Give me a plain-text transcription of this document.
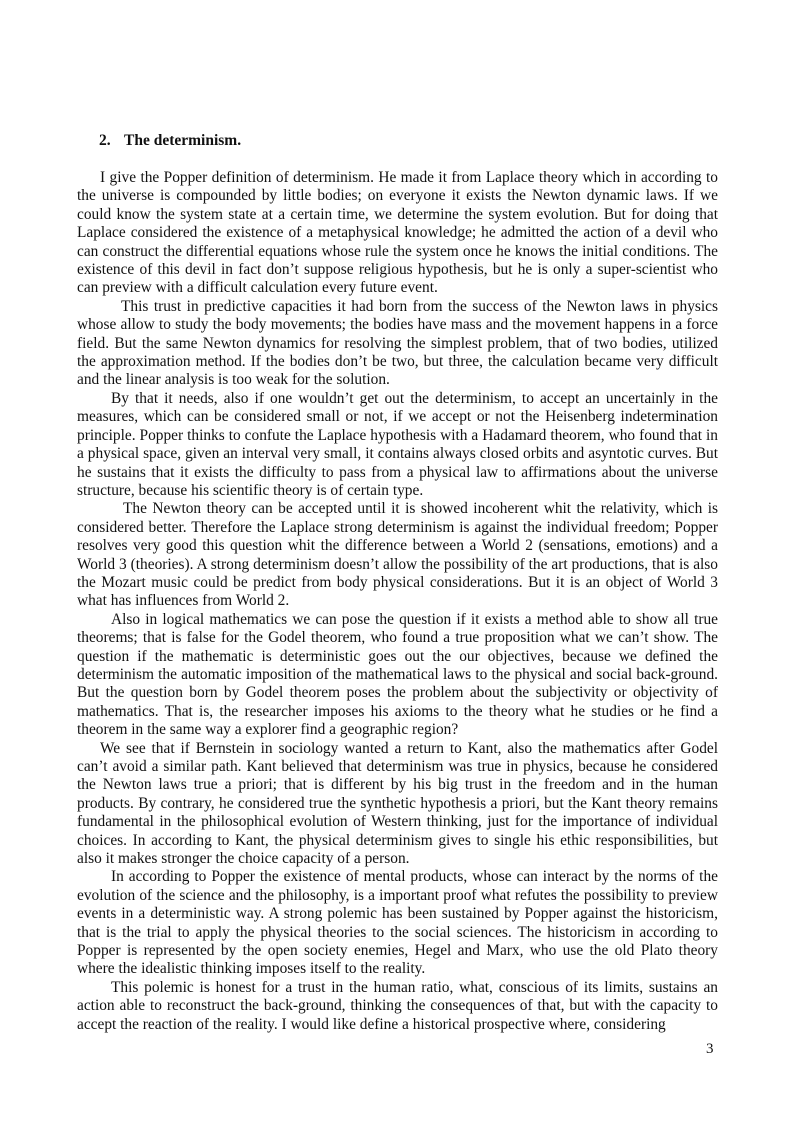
2. The determinism.

I give the Popper definition of determinism. He made it from Laplace theory which in according to the universe is compounded by little bodies; on everyone it exists the Newton dynamic laws. If we could know the system state at a certain time, we determine the system evolution. But for doing that Laplace considered the existence of a metaphysical knowledge; he admitted the action of a devil who can construct the differential equations whose rule the system once he knows the initial conditions. The existence of this devil in fact don’t suppose religious hypothesis, but he is only a super-scientist who can preview with a difficult calculation every future event.

This trust in predictive capacities it had born from the success of the Newton laws in physics whose allow to study the body movements; the bodies have mass and the movement happens in a force field. But the same Newton dynamics for resolving the simplest problem, that of two bodies, utilized the approximation method. If the bodies don’t be two, but three, the calculation became very difficult and the linear analysis is too weak for the solution.

By that it needs, also if one wouldn’t get out the determinism, to accept an uncertainly in the measures, which can be considered small or not, if we accept or not the Heisenberg indetermination principle. Popper thinks to confute the Laplace hypothesis with a Hadamard theorem, who found that in a physical space, given an interval very small, it contains always closed orbits and asyntotic curves. But he sustains that it exists the difficulty to pass from a physical law to affirmations about the universe structure, because his scientific theory is of certain type.

The Newton theory can be accepted until it is showed incoherent whit the relativity, which is considered better. Therefore the Laplace strong determinism is against the individual freedom; Popper resolves very good this question whit the difference between a World 2 (sensations, emotions) and a World 3 (theories). A strong determinism doesn’t allow the possibility of the art productions, that is also the Mozart music could be predict from body physical considerations. But it is an object of World 3 what has influences from World 2.

Also in logical mathematics we can pose the question if it exists a method able to show all true theorems; that is false for the Godel theorem, who found a true proposition what we can’t show. The question if the mathematic is deterministic goes out the our objectives, because we defined the determinism the automatic imposition of the mathematical laws to the physical and social back-ground. But the question born by Godel theorem poses the problem about the subjectivity or objectivity of mathematics. That is, the researcher imposes his axioms to the theory what he studies or he find a theorem in the same way a explorer find a geographic region?

We see that if Bernstein in sociology wanted a return to Kant, also the mathematics after Godel can’t avoid a similar path. Kant believed that determinism was true in physics, because he considered the Newton laws true a priori; that is different by his big trust in the freedom and in the human products. By contrary, he considered true the synthetic hypothesis a priori, but the Kant theory remains fundamental in the philosophical evolution of Western thinking, just for the importance of individual choices. In according to Kant, the physical determinism gives to single his ethic responsibilities, but also it makes stronger the choice capacity of a person.

In according to Popper the existence of mental products, whose can interact by the norms of the evolution of the science and the philosophy, is a important proof what refutes the possibility to preview events in a deterministic way. A strong polemic has been sustained by Popper against the historicism, that is the trial to apply the physical theories to the social sciences. The historicism in according to Popper is represented by the open society enemies, Hegel and Marx, who use the old Plato theory where the idealistic thinking imposes itself to the reality.

This polemic is honest for a trust in the human ratio, what, conscious of its limits, sustains an action able to reconstruct the back-ground, thinking the consequences of that, but with the capacity to accept the reaction of the reality. I would like define a historical prospective where, considering

3
